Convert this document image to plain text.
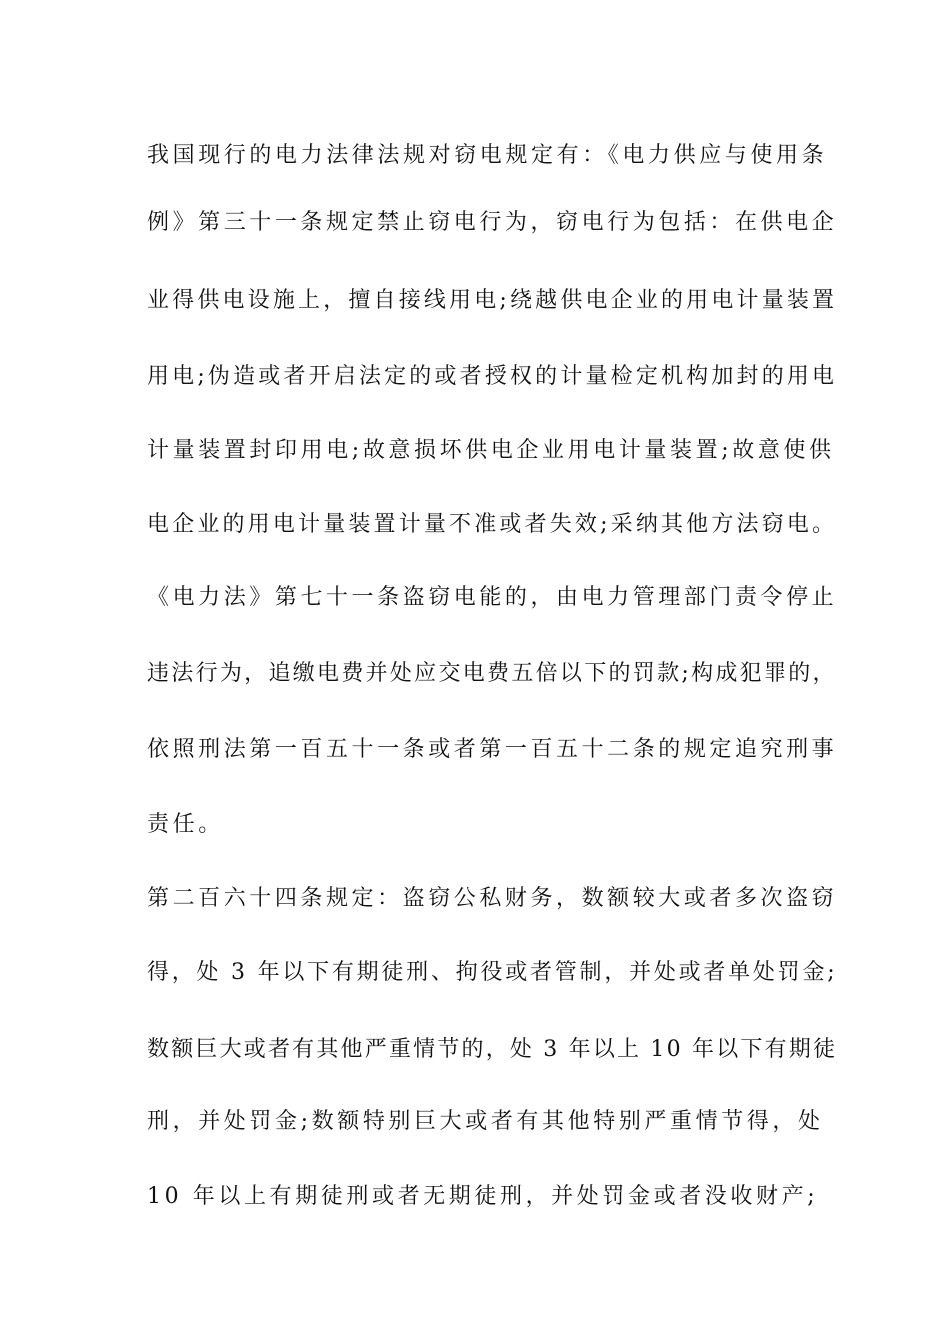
我国现行的电力法律法规对窃电规定有：《电力供应与使用条
例》第三十一条规定禁止窃电行为，窃电行为包括：在供电企
业得供电设施上，擅自接线用电;绕越供电企业的用电计量装置
用电;伪造或者开启法定的或者授权的计量检定机构加封的用电
计量装置封印用电;故意损坏供电企业用电计量装置;故意使供
电企业的用电计量装置计量不准或者失效;采纳其他方法窃电。
《电力法》第七十一条盗窃电能的，由电力管理部门责令停止
违法行为，追缴电费并处应交电费五倍以下的罚款;构成犯罪的，
依照刑法第一百五十一条或者第一百五十二条的规定追究刑事
责任。
第二百六十四条规定：盗窃公私财务，数额较大或者多次盗窃
得，处 3 年以下有期徒刑、拘役或者管制，并处或者单处罚金;
数额巨大或者有其他严重情节的，处 3 年以上 10 年以下有期徒
刑，并处罚金;数额特别巨大或者有其他特别严重情节得，处
10 年以上有期徒刑或者无期徒刑，并处罚金或者没收财产;
